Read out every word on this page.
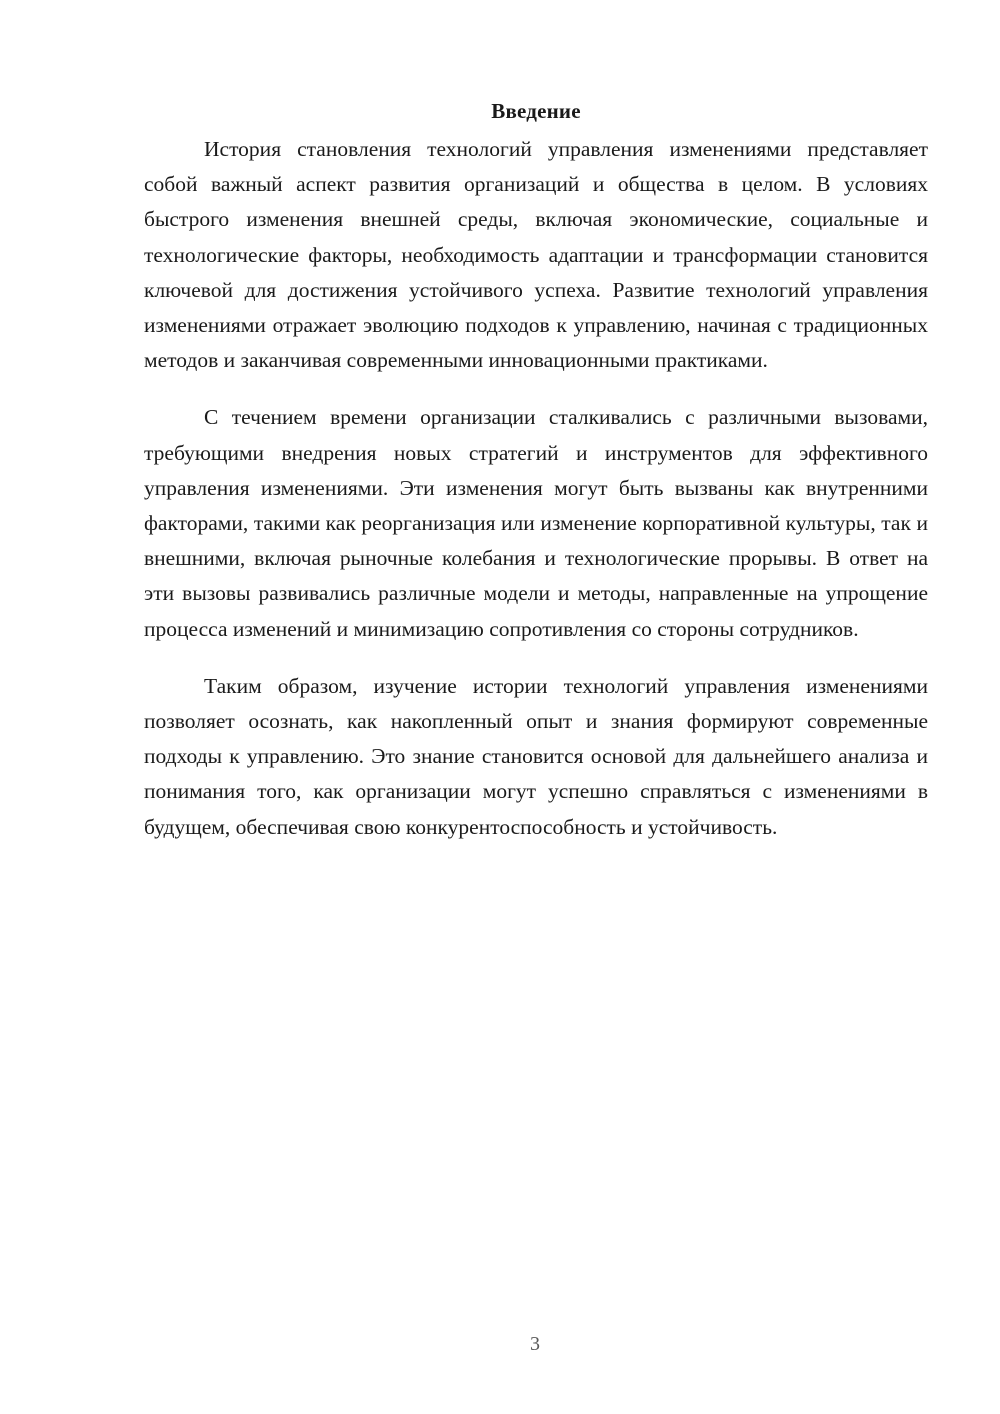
Введение

История становления технологий управления изменениями представляет собой важный аспект развития организаций и общества в целом. В условиях быстрого изменения внешней среды, включая экономические, социальные и технологические факторы, необходимость адаптации и трансформации становится ключевой для достижения устойчивого успеха. Развитие технологий управления изменениями отражает эволюцию подходов к управлению, начиная с традиционных методов и заканчивая современными инновационными практиками.

С течением времени организации сталкивались с различными вызовами, требующими внедрения новых стратегий и инструментов для эффективного управления изменениями. Эти изменения могут быть вызваны как внутренними факторами, такими как реорганизация или изменение корпоративной культуры, так и внешними, включая рыночные колебания и технологические прорывы. В ответ на эти вызовы развивались различные модели и методы, направленные на упрощение процесса изменений и минимизацию сопротивления со стороны сотрудников.

Таким образом, изучение истории технологий управления изменениями позволяет осознать, как накопленный опыт и знания формируют современные подходы к управлению. Это знание становится основой для дальнейшего анализа и понимания того, как организации могут успешно справляться с изменениями в будущем, обеспечивая свою конкурентоспособность и устойчивость.

3
